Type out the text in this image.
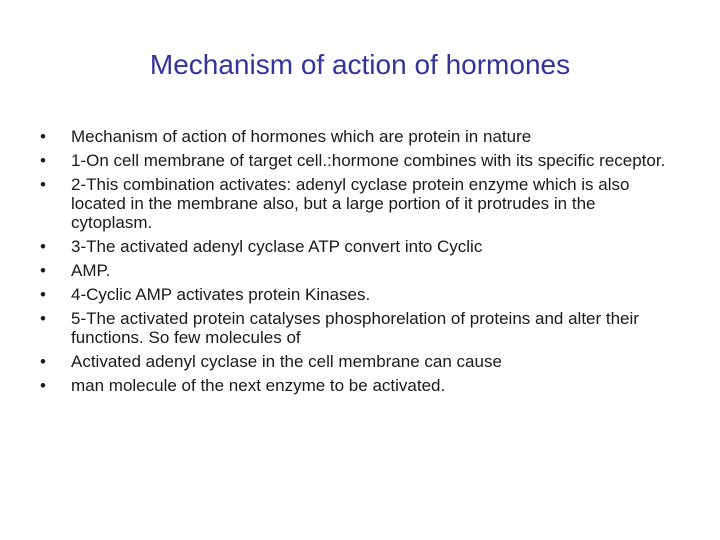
Mechanism of action of hormones
• Mechanism of action of hormones which are protein in nature
• 1-On cell membrane of target cell.:hormone combines with its specific receptor.
• 2-This combination activates: adenyl cyclase protein enzyme which is also located in the membrane also, but a large portion of it protrudes in the cytoplasm.
• 3-The activated adenyl cyclase ATP convert into Cyclic
• AMP.
• 4-Cyclic AMP activates protein Kinases.
• 5-The activated protein catalyses phosphorelation of proteins and alter their functions. So few molecules of
• Activated adenyl cyclase in the cell membrane can cause
• man molecule of the next enzyme to be activated.
